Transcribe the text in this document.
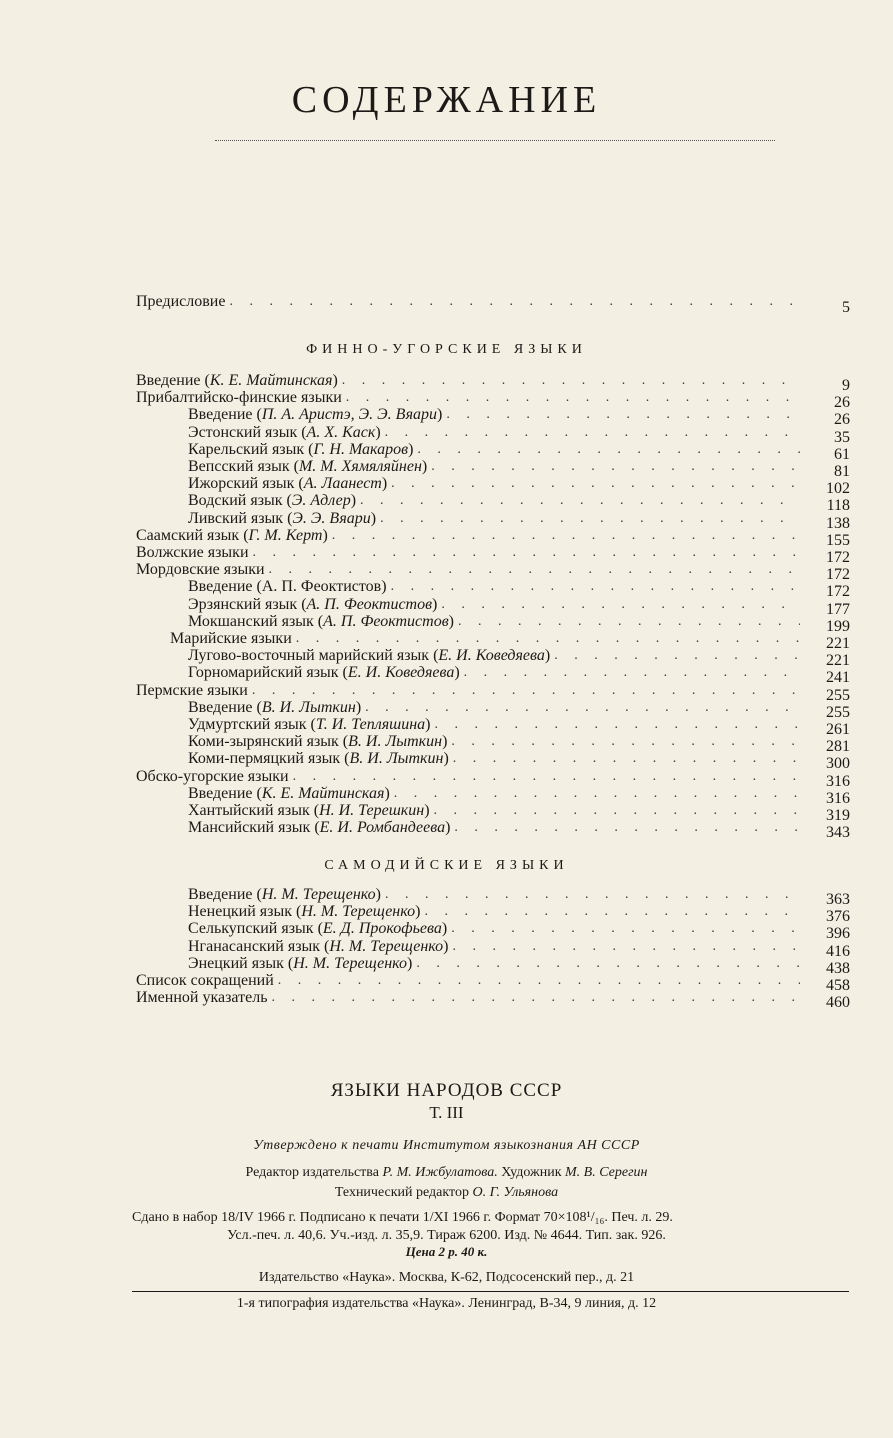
СОДЕРЖАНИЕ
Предисловие . . .	5
ФИННО-УГОРСКИЕ ЯЗЫКИ
Введение (К. Е. Майтинская) . . .	9
Прибалтийско-финские языки . . .	26
Введение (П. А. Аристэ, Э. Э. Вяари) . . .	26
Эстонский язык (А. Х. Каск) . . .	35
Карельский язык (Г. Н. Макаров) . . .	61
Вепсский язык (М. М. Хямяляйнен) . . .	81
Ижорский язык (А. Лаанест) . . .	102
Водский язык (Э. Адлер) . . .	118
Ливский язык (Э. Э. Вяари) . . .	138
Саамский язык (Г. М. Керт) . . .	155
Волжские языки . . .	172
Мордовские языки . . .	172
Введение (А. П. Феоктистов) . . .	172
Эрзянский язык (А. П. Феоктистов) . . .	177
Мокшанский язык (А. П. Феоктистов) . . .	199
Марийские языки . . .	221
Лугово-восточный марийский язык (Е. И. Коведяева) . . .	221
Горномарийский язык (Е. И. Коведяева) . . .	241
Пермские языки . . .	255
Введение (В. И. Лыткин) . . .	255
Удмуртский язык (Т. И. Тепляшина) . . .	261
Коми-зырянский язык (В. И. Лыткин) . . .	281
Коми-пермяцкий язык (В. И. Лыткин) . . .	300
Обско-угорские языки . . .	316
Введение (К. Е. Майтинская) . . .	316
Хантыйский язык (Н. И. Терешкин) . . .	319
Мансийский язык (Е. И. Ромбандеева) . . .	343
САМОДИЙСКИЕ ЯЗЫКИ
Введение (Н. М. Терещенко) . . .	363
Ненецкий язык (Н. М. Терещенко) . . .	376
Селькупский язык (Е. Д. Прокофьева) . . .	396
Нганасанский язык (Н. М. Терещенко) . . .	416
Энецкий язык (Н. М. Терещенко) . . .	438
Список сокращений . . .	458
Именной указатель . . .	460
ЯЗЫКИ НАРОДОВ СССР
Т. III
Утверждено к печати Институтом языкознания АН СССР
Редактор издательства Р. М. Ижбулатова. Художник М. В. Серегин
Технический редактор О. Г. Ульянова
Сдано в набор 18/IV 1966 г. Подписано к печати 1/XI 1966 г. Формат 70×108¹/₁₆. Печ. л. 29.
Усл.-печ. л. 40,6. Уч.-изд. л. 35,9. Тираж 6200. Изд. № 4644. Тип. зак. 926.
Цена 2 р. 40 к.
Издательство «Наука». Москва, К-62, Подсосенский пер., д. 21
1-я типография издательства «Наука». Ленинград, В-34, 9 линия, д. 12
